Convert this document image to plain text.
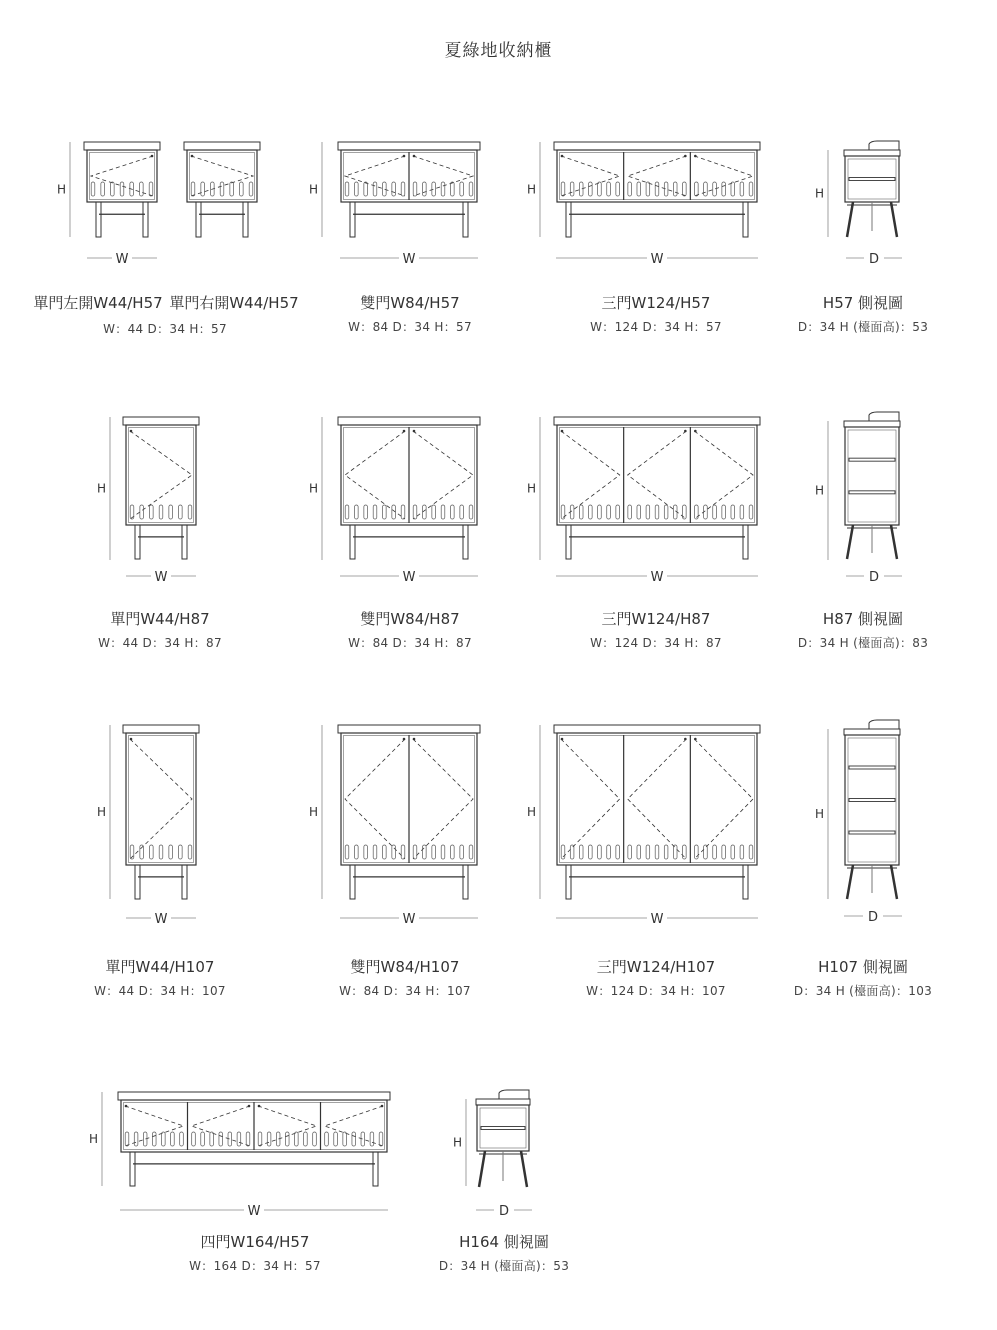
夏綠地收納櫃
H
W
H
W
H
W
H
D
H
W
H
W
H
W
H
D
H
W
H
W
H
W
H
D
H
W
H
D
單門左開W44/H57 單門右開W44/H57
W：44 D：34 H：57
雙門W84/H57
W：84 D：34 H：57
三門W124/H57
W：124 D：34 H：57
H57 側視圖
D：34 H (檯面高)：53
單門W44/H87
W：44 D：34 H：87
雙門W84/H87
W：84 D：34 H：87
三門W124/H87
W：124 D：34 H：87
H87 側視圖
D：34 H (檯面高)：83
單門W44/H107
W：44 D：34 H：107
雙門W84/H107
W：84 D：34 H：107
三門W124/H107
W：124 D：34 H：107
H107 側視圖
D：34 H (檯面高)：103
四門W164/H57
W：164 D：34 H：57
H164 側視圖
D：34 H (檯面高)：53
